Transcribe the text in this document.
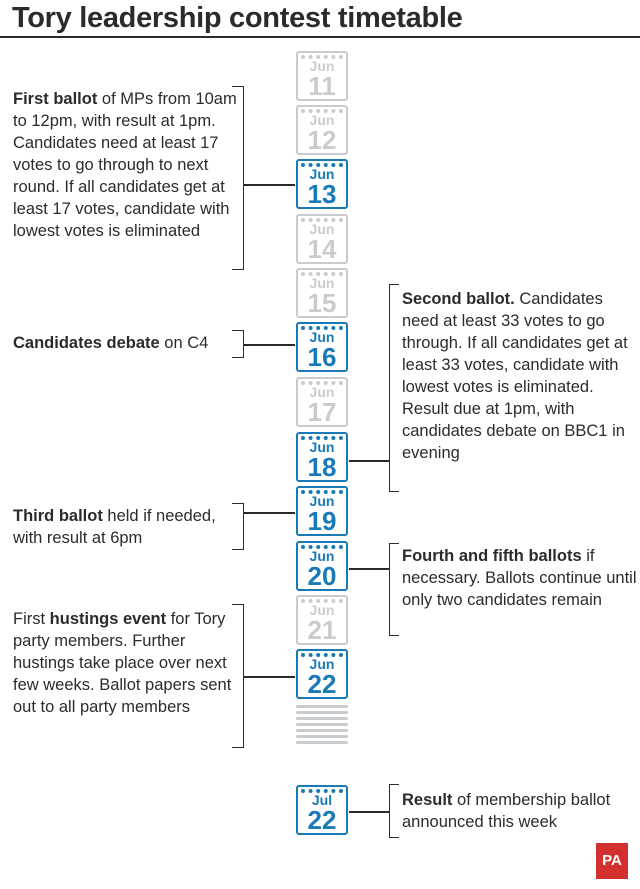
Tory leadership contest timetable
Jun
11
Jun
12
Jun
13
Jun
14
Jun
15
Jun
16
Jun
17
Jun
18
Jun
19
Jun
20
Jun
21
Jun
22
Jul
22

First ballot of MPs from 10am to 12pm, with result at 1pm. Candidates need at least 17 votes to go through to next round. If all candidates get at least 17 votes, candidate with lowest votes is eliminated

Candidates debate on C4

Second ballot. Candidates need at least 33 votes to go through. If all candidates get at least 33 votes, candidate with lowest votes is eliminated. Result due at 1pm, with candidates debate on BBC1 in evening

Third ballot held if needed, with result at 6pm

Fourth and fifth ballots if necessary. Ballots continue until only two candidates remain

First hustings event for Tory party members. Further hustings take place over next few weeks. Ballot papers sent out to all party members

Result of membership ballot announced this week

PA
